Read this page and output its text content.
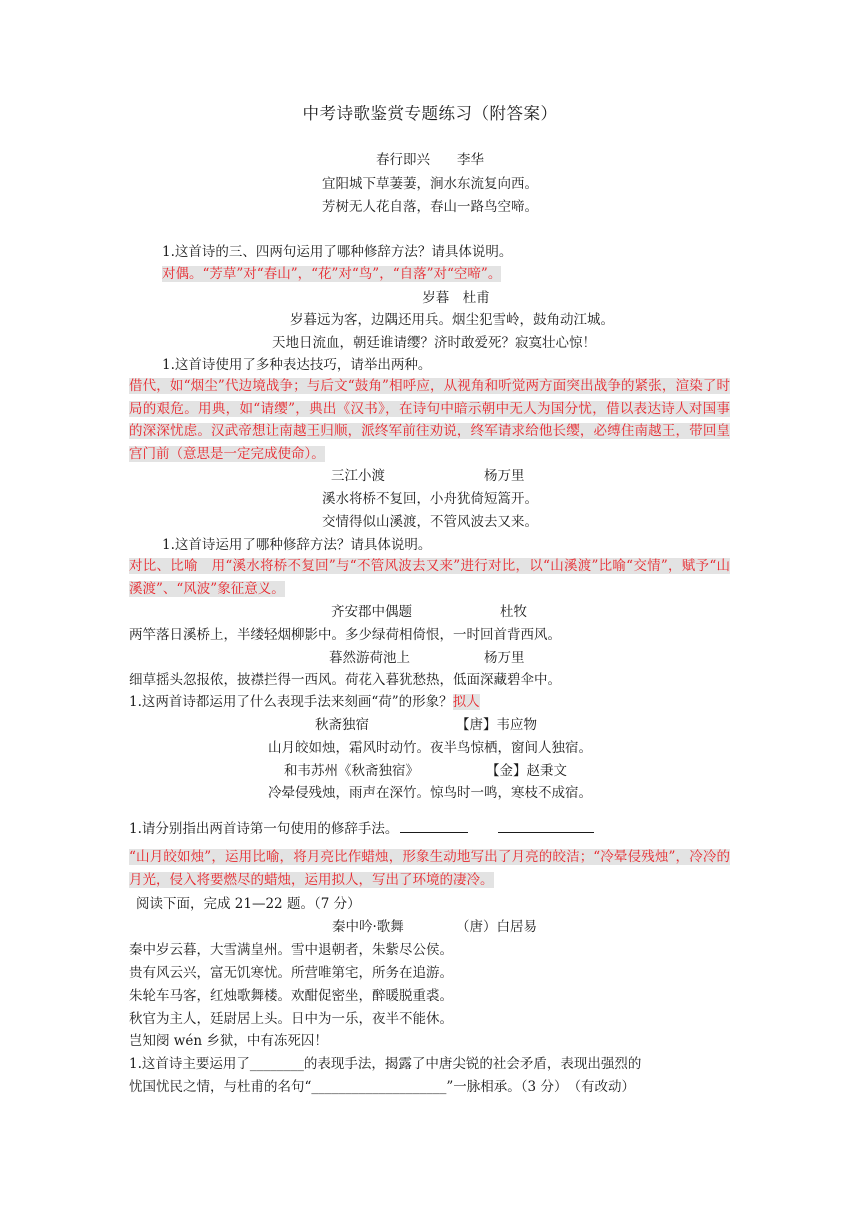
中考诗歌鉴赏专题练习（附答案）
春行即兴　　李华
宜阳城下草萋萋，涧水东流复向西。
芳树无人花自落，春山一路鸟空啼。
1.这首诗的三、四两句运用了哪种修辞方法？请具体说明。
对偶。“芳草”对“春山”，“花”对“鸟”，“自落”对“空啼”。
岁暮　杜甫
岁暮远为客，边隅还用兵。烟尘犯雪岭，鼓角动江城。
天地日流血，朝廷谁请缨？济时敢爱死？寂寞壮心惊！
1.这首诗使用了多种表达技巧，请举出两种。
借代，如“烟尘”代边境战争；与后文“鼓角”相呼应，从视角和听觉两方面突出战争的紧张，渲染了时局的艰危。用典，如“请缨”，典出《汉书》，在诗句中暗示朝中无人为国分忧，借以表达诗人对国事的深深忧虑。汉武帝想让南越王归顺，派终军前往劝说，终军请求给他长缨，必缚住南越王，带回皇宫门前（意思是一定完成使命）。
三江小渡	杨万里
溪水将桥不复回，小舟犹倚短篙开。
交情得似山溪渡，不管风波去又来。
1.这首诗运用了哪种修辞方法？请具体说明。
对比、比喻　用“溪水将桥不复回”与“不管风波去又来”进行对比，以“山溪渡”比喻“交情”，赋予“山溪渡”、“风波”象征意义。
齐安郡中偶题	杜牧
两竿落日溪桥上，半缕轻烟柳影中。多少绿荷相倚恨，一时回首背西风。
暮然游荷池上	杨万里
细草摇头忽报侬，披襟拦得一西风。荷花入暮犹愁热，低面深藏碧伞中。
1.这两首诗都运用了什么表现手法来刻画“荷”的形象？拟人
秋斋独宿	【唐】韦应物
山月皎如烛，霜风时动竹。夜半鸟惊栖，窗间人独宿。
和韦苏州《秋斋独宿》	【金】赵秉文
冷晕侵残烛，雨声在深竹。惊鸟时一鸣，寒枝不成宿。
1.请分别指出两首诗第一句使用的修辞手法。
“山月皎如烛”，运用比喻，将月亮比作蜡烛，形象生动地写出了月亮的皎洁；“冷晕侵残烛”，冷冷的月光，侵入将要燃尽的蜡烛，运用拟人，写出了环境的凄冷。
阅读下面，完成 21—22 题。（7 分）
秦中吟·歌舞	（唐）白居易
秦中岁云暮，大雪满皇州。雪中退朝者，朱紫尽公侯。
贵有风云兴，富无饥寒忧。所营唯第宅，所务在追游。
朱轮车马客，红烛歌舞楼。欢酣促密坐，醉暖脱重裘。
秋官为主人，廷尉居上头。日中为一乐，夜半不能休。
岂知阌 wén 乡狱，中有冻死囚！
1.这首诗主要运用了________的表现手法，揭露了中唐尖锐的社会矛盾，表现出强烈的
忧国忧民之情，与杜甫的名句“____________________”一脉相承。（3 分）　（有改动）
